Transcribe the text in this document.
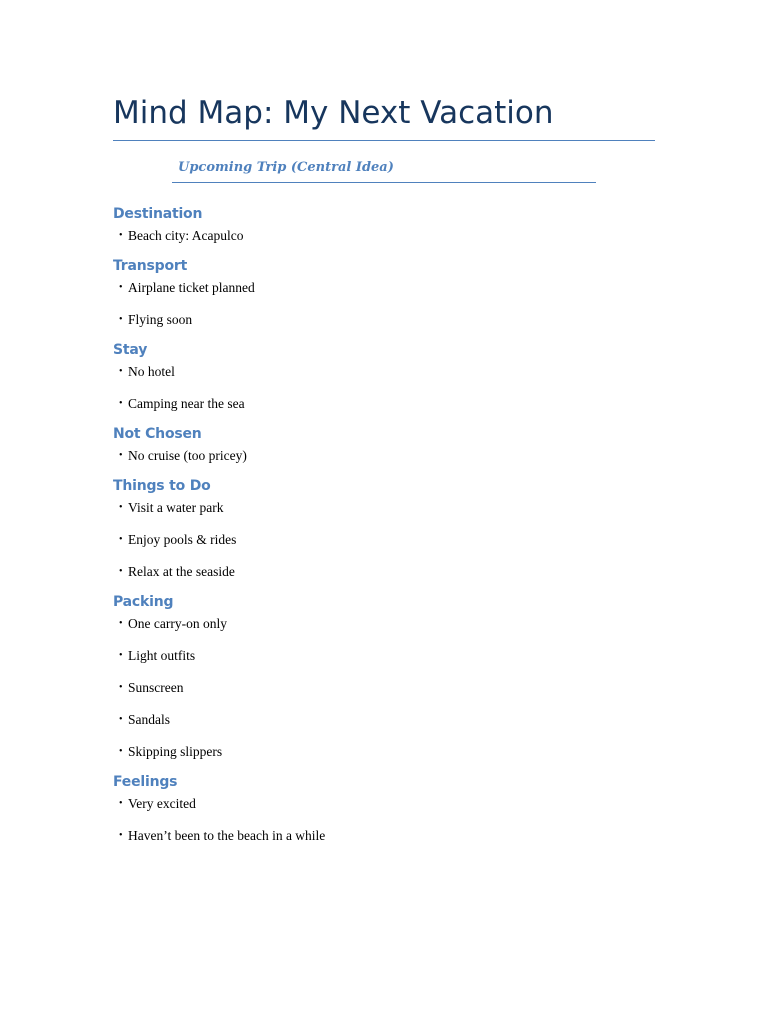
Mind Map: My Next Vacation
Upcoming Trip (Central Idea)
Destination
• Beach city: Acapulco
Transport
• Airplane ticket planned
• Flying soon
Stay
• No hotel
• Camping near the sea
Not Chosen
• No cruise (too pricey)
Things to Do
• Visit a water park
• Enjoy pools & rides
• Relax at the seaside
Packing
• One carry-on only
• Light outfits
• Sunscreen
• Sandals
• Skipping slippers
Feelings
• Very excited
• Haven’t been to the beach in a while
